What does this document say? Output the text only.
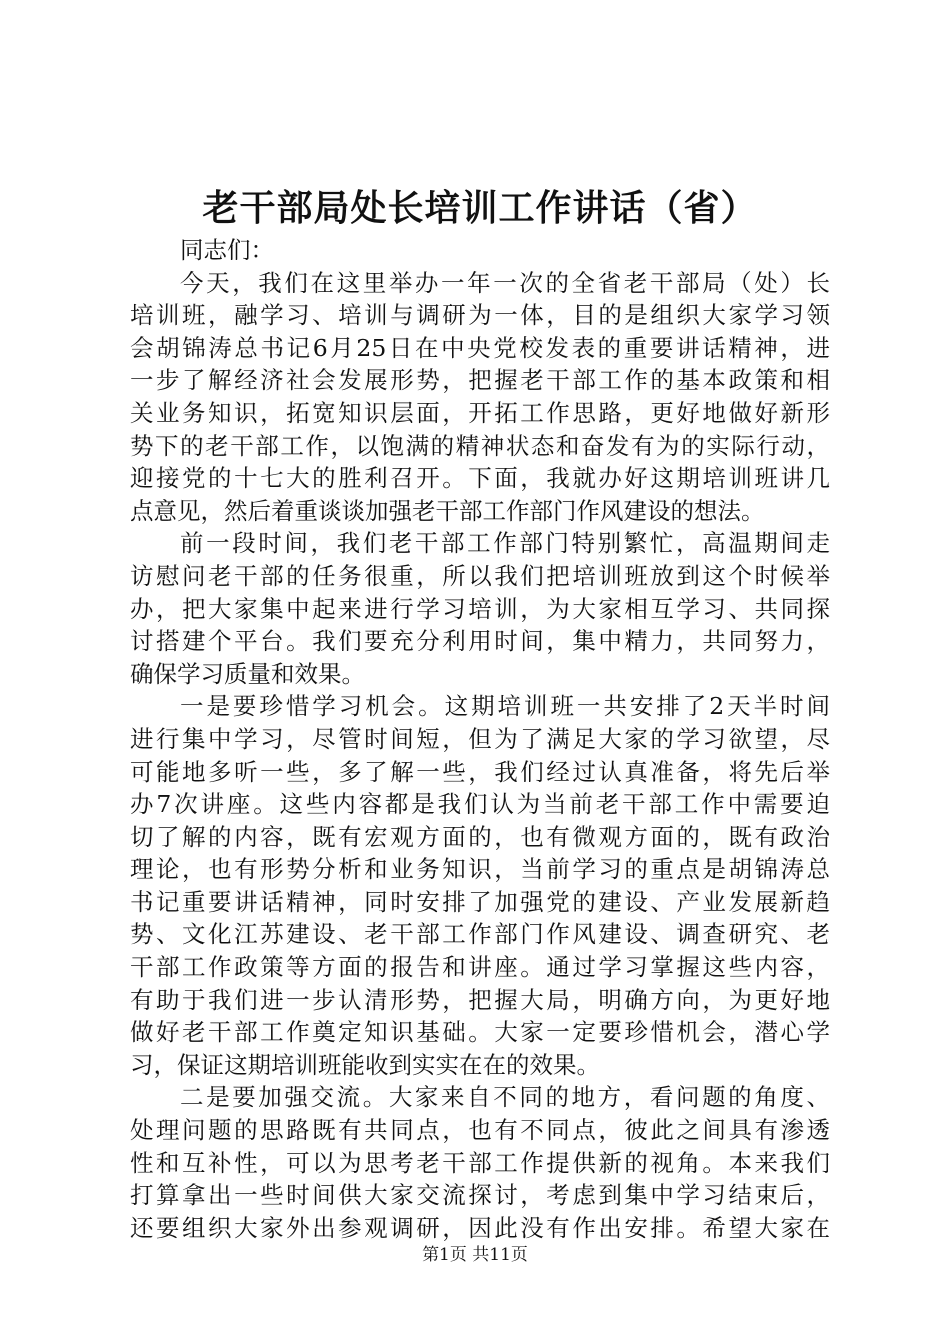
老干部局处长培训工作讲话（省）
同志们：
今天，我们在这里举办一年一次的全省老干部局（处）长
培训班，融学习、培训与调研为一体，目的是组织大家学习领
会胡锦涛总书记6月25日在中央党校发表的重要讲话精神，进
一步了解经济社会发展形势，把握老干部工作的基本政策和相
关业务知识，拓宽知识层面，开拓工作思路，更好地做好新形
势下的老干部工作，以饱满的精神状态和奋发有为的实际行动，
迎接党的十七大的胜利召开。下面，我就办好这期培训班讲几
点意见，然后着重谈谈加强老干部工作部门作风建设的想法。
前一段时间，我们老干部工作部门特别繁忙，高温期间走
访慰问老干部的任务很重，所以我们把培训班放到这个时候举
办，把大家集中起来进行学习培训，为大家相互学习、共同探
讨搭建个平台。我们要充分利用时间，集中精力，共同努力，
确保学习质量和效果。
一是要珍惜学习机会。这期培训班一共安排了2天半时间
进行集中学习，尽管时间短，但为了满足大家的学习欲望，尽
可能地多听一些，多了解一些，我们经过认真准备，将先后举
办7次讲座。这些内容都是我们认为当前老干部工作中需要迫
切了解的内容，既有宏观方面的，也有微观方面的，既有政治
理论，也有形势分析和业务知识，当前学习的重点是胡锦涛总
书记重要讲话精神，同时安排了加强党的建设、产业发展新趋
势、文化江苏建设、老干部工作部门作风建设、调查研究、老
干部工作政策等方面的报告和讲座。通过学习掌握这些内容，
有助于我们进一步认清形势，把握大局，明确方向，为更好地
做好老干部工作奠定知识基础。大家一定要珍惜机会，潜心学
习，保证这期培训班能收到实实在在的效果。
二是要加强交流。大家来自不同的地方，看问题的角度、
处理问题的思路既有共同点，也有不同点，彼此之间具有渗透
性和互补性，可以为思考老干部工作提供新的视角。本来我们
打算拿出一些时间供大家交流探讨，考虑到集中学习结束后，
还要组织大家外出参观调研，因此没有作出安排。希望大家在
第1页 共11页
